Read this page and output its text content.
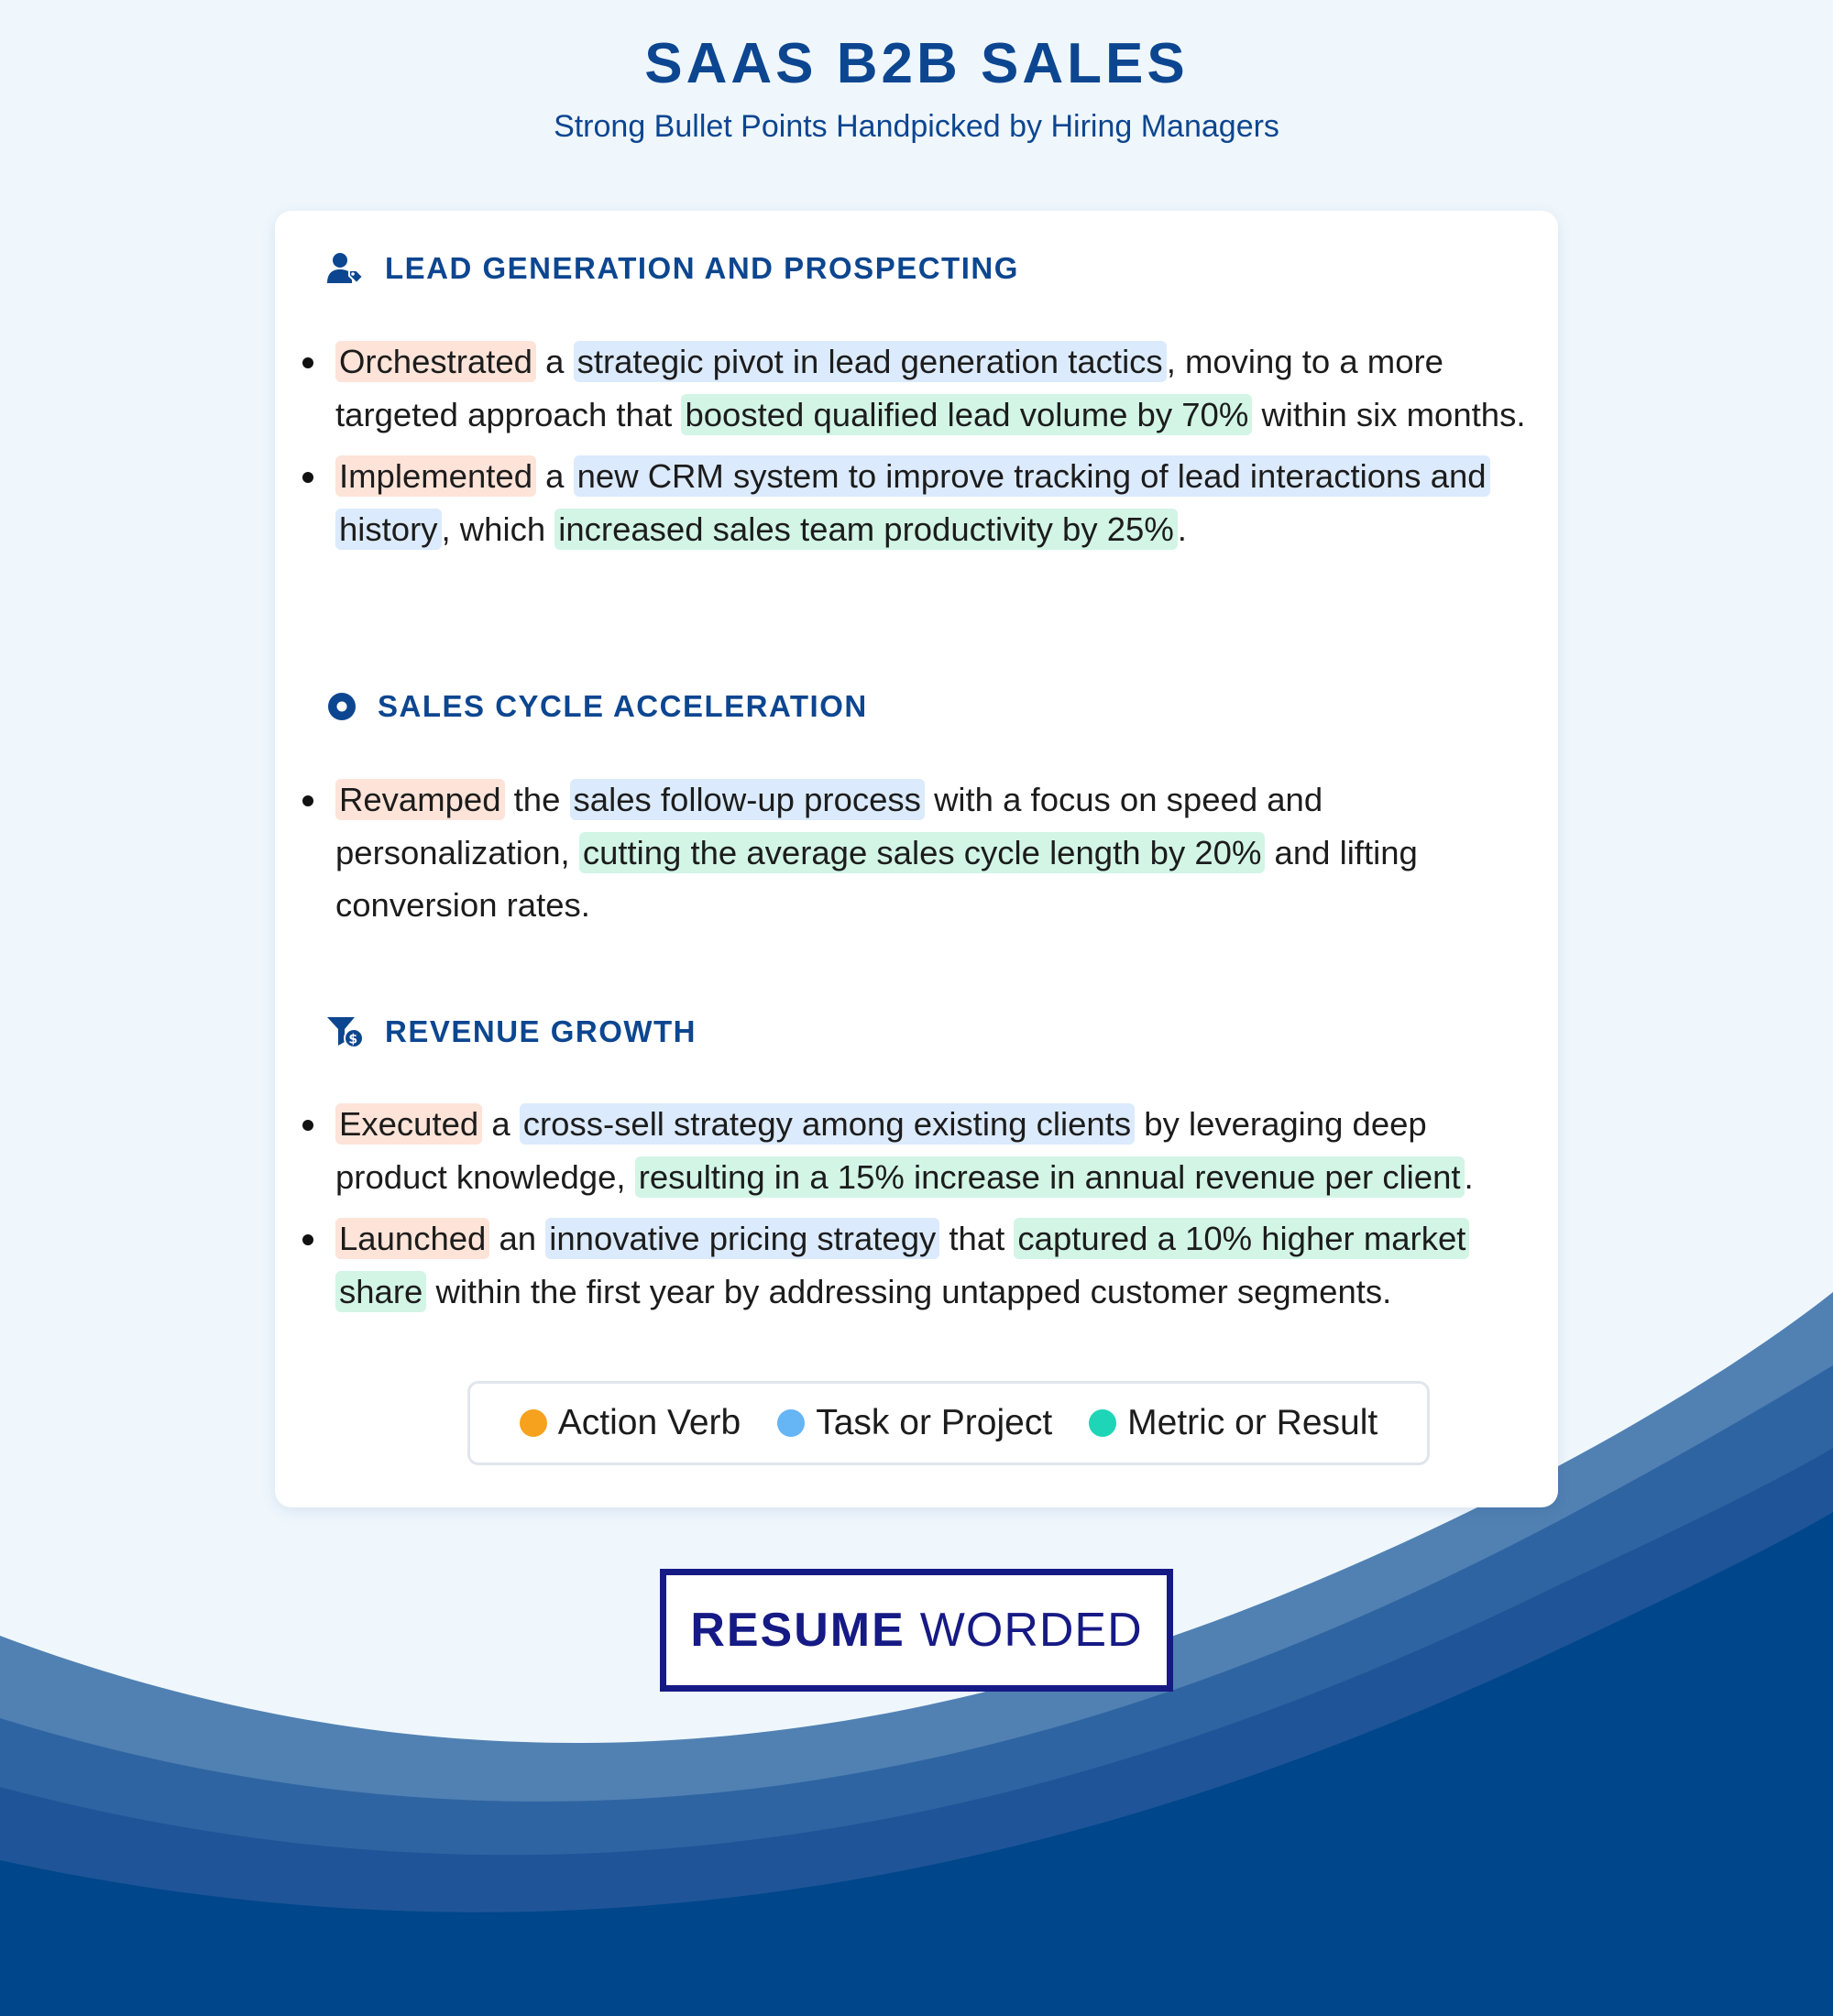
SAAS B2B SALES
Strong Bullet Points Handpicked by Hiring Managers
LEAD GENERATION AND PROSPECTING
Orchestrated a strategic pivot in lead generation tactics , moving to a more targeted approach that boosted qualified lead volume by 70% within six months.
Implemented a new CRM system to improve tracking of lead interactions and history , which increased sales team productivity by 25% .
SALES CYCLE ACCELERATION
Revamped the sales follow-up process with a focus on speed and personalization, cutting the average sales cycle length by 20% and lifting conversion rates.
$ REVENUE GROWTH
Executed a cross-sell strategy among existing clients by leveraging deep product knowledge, resulting in a 15% increase in annual revenue per client .
Launched an innovative pricing strategy that captured a 10% higher market share within the first year by addressing untapped customer segments.
Action Verb Task or Project Metric or Result
RESUME WORDED
